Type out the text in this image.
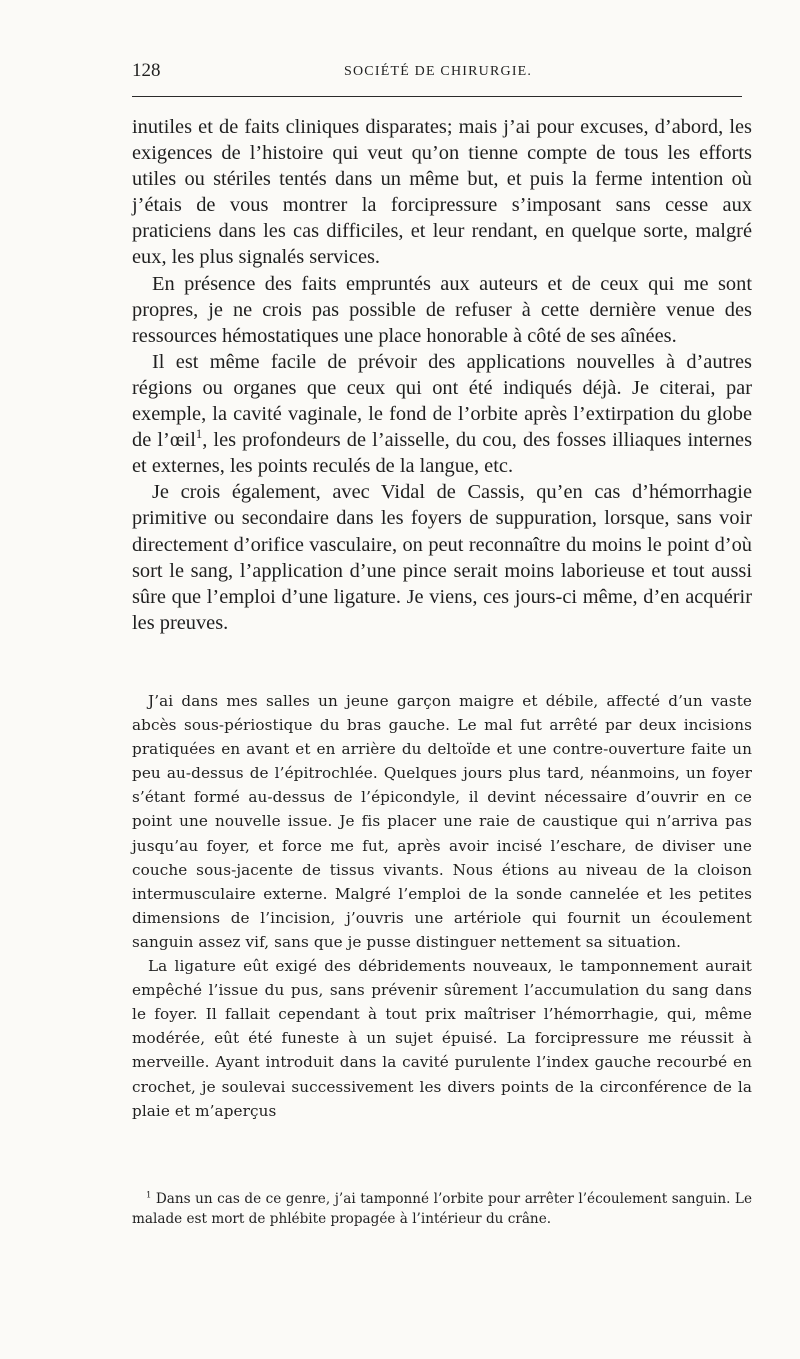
128	SOCIÉTÉ DE CHIRURGIE.

inutiles et de faits cliniques disparates; mais j’ai pour excuses, d’abord, les exigences de l’histoire qui veut qu’on tienne compte de tous les efforts utiles ou stériles tentés dans un même but, et puis la ferme intention où j’étais de vous montrer la forcipressure s’imposant sans cesse aux praticiens dans les cas difficiles, et leur rendant, en quelque sorte, malgré eux, les plus signalés services.

En présence des faits empruntés aux auteurs et de ceux qui me sont propres, je ne crois pas possible de refuser à cette dernière venue des ressources hémostatiques une place honorable à côté de ses aînées.

Il est même facile de prévoir des applications nouvelles à d’autres régions ou organes que ceux qui ont été indiqués déjà. Je citerai, par exemple, la cavité vaginale, le fond de l’orbite après l’extirpation du globe de l’œil$^1$, les profondeurs de l’aisselle, du cou, des fosses illiaques internes et externes, les points reculés de la langue, etc.

Je crois également, avec Vidal de Cassis, qu’en cas d’hémorrhagie primitive ou secondaire dans les foyers de suppuration, lorsque, sans voir directement d’orifice vasculaire, on peut reconnaître du moins le point d’où sort le sang, l’application d’une pince serait moins laborieuse et tout aussi sûre que l’emploi d’une ligature. Je viens, ces jours-ci même, d’en acquérir les preuves.

J’ai dans mes salles un jeune garçon maigre et débile, affecté d’un vaste abcès sous-périostique du bras gauche. Le mal fut arrêté par deux incisions pratiquées en avant et en arrière du deltoïde et une contre-ouverture faite un peu au-dessus de l’épitrochlée. Quelques jours plus tard, néanmoins, un foyer s’étant formé au-dessus de l’épicondyle, il devint nécessaire d’ouvrir en ce point une nouvelle issue. Je fis placer une raie de caustique qui n’arriva pas jusqu’au foyer, et force me fut, après avoir incisé l’eschare, de diviser une couche sous-jacente de tissus vivants. Nous étions au niveau de la cloison intermusculaire externe. Malgré l’emploi de la sonde cannelée et les petites dimensions de l’incision, j’ouvris une artériole qui fournit un écoulement sanguin assez vif, sans que je pusse distinguer nettement sa situation.

La ligature eût exigé des débridements nouveaux, le tamponnement aurait empêché l’issue du pus, sans prévenir sûrement l’accumulation du sang dans le foyer. Il fallait cependant à tout prix maîtriser l’hémorrhagie, qui, même modérée, eût été funeste à un sujet épuisé. La forcipressure me réussit à merveille. Ayant introduit dans la cavité purulente l’index gauche recourbé en crochet, je soulevai successivement les divers points de la circonférence de la plaie et m’aperçus

$^1$ Dans un cas de ce genre, j’ai tamponné l’orbite pour arrêter l’écoulement sanguin. Le malade est mort de phlébite propagée à l’intérieur du crâne.
